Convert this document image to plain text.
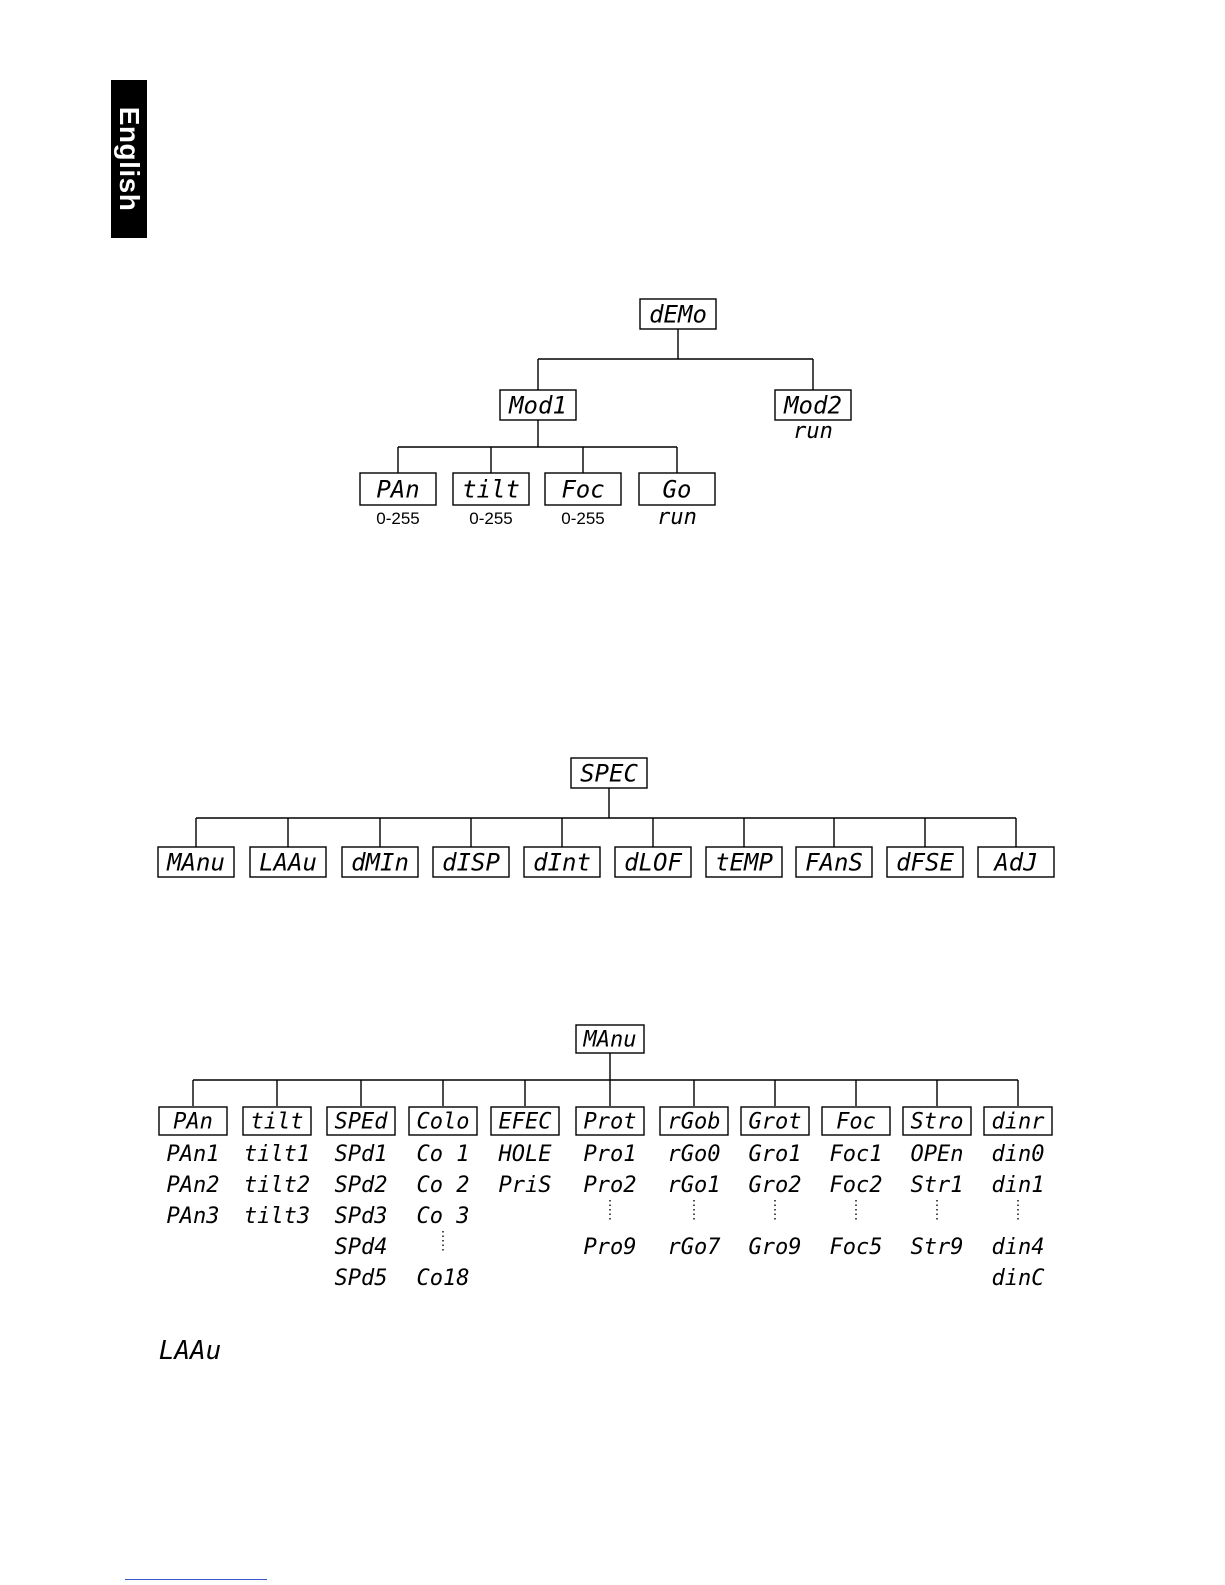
English
dEMo
Mod1	Mod2
run
PAn
0-255
tilt
0-255
Foc
0-255
Go
run
SPEC
MAnu LAAu dMIn dISP dInt dLOF tEMP FAnS dFSE AdJ
MAnu
PAn
PAn1
PAn2
PAn3
tilt
tilt1
tilt2
tilt3
SPEd
SPd1
SPd2
SPd3
SPd4
SPd5
Colo
Co 1
Co 2
Co 3
Co18
EFEC
HOLE
PriS
Prot
Pro1
Pro2
Pro9
rGob
rGo0
rGo1
rGo7
Grot
Gro1
Gro2
Gro9
Foc
Foc1
Foc2
Foc5
Stro
OPEn
Str1
Str9
dinr
din0
din1
din4
dinC
LAAu
